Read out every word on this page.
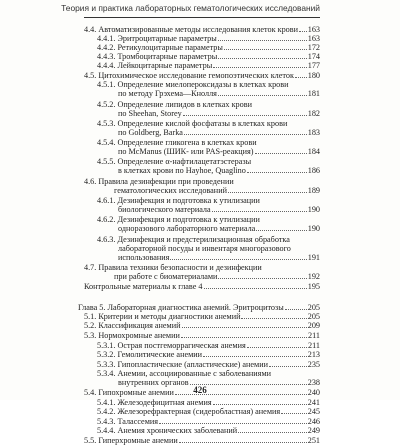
Теория и практика лабораторных гематологических исследований
4.4. Автоматизированные методы исследования клеток крови 163
4.4.1. Эритроцитарные параметры	163
4.4.2. Ретикулоцитарные параметры	172
4.4.3. Тромбоцитарные параметры	174
4.4.4. Лейкоцитарные параметры	177
4.5. Цитохимическое исследование гемопоэтических клеток 180
4.5.1. Определение миелопероксидазы в клетках крови
по методу Грэхема—Кнолля	181
4.5.2. Определение липидов в клетках крови
по Sheehan, Storey	182
4.5.3. Определение кислой фосфатазы в клетках крови
по Goldberg, Barka	183
4.5.4. Определение гликогена в клетках крови
по McManus (ШИК- или PAS-реакция)	184
4.5.5. Определение α-нафтилацетатэстеразы
в клетках крови по Hayhoe, Quaglino	186
4.6. Правила дезинфекции при проведении
гематологических исследований	189
4.6.1. Дезинфекция и подготовка к утилизации
биологического материала	190
4.6.2. Дезинфекция и подготовка к утилизации
одноразового лабораторного материала	190
4.6.3. Дезинфекция и предстерилизационная обработка
лабораторной посуды и инвентаря многоразового
использования	191
4.7. Правила техники безопасности и дезинфекции
при работе с биоматериалами	192
Контрольные материалы к главе 4	195
Глава 5. Лабораторная диагностика анемий. Эритроцитозы	205
5.1. Критерии и методы диагностики анемий	205
5.2. Классификация анемий	209
5.3. Нормохромные анемии	211
5.3.1. Острая постгеморрагическая анемия	211
5.3.2. Гемолитические анемии	213
5.3.3. Гипопластические (апластические) анемии	235
5.3.4. Анемии, ассоциированные с заболеваниями
внутренних органов	238
5.4. Гипохромные анемии	240
5.4.1. Железодефицитная анемия	241
5.4.2. Железорефрактерная (сидеробластная) анемия	245
5.4.3. Талассемия	246
5.4.4. Анемия хронических заболеваний	249
5.5. Гиперхромные анемии	251
426
